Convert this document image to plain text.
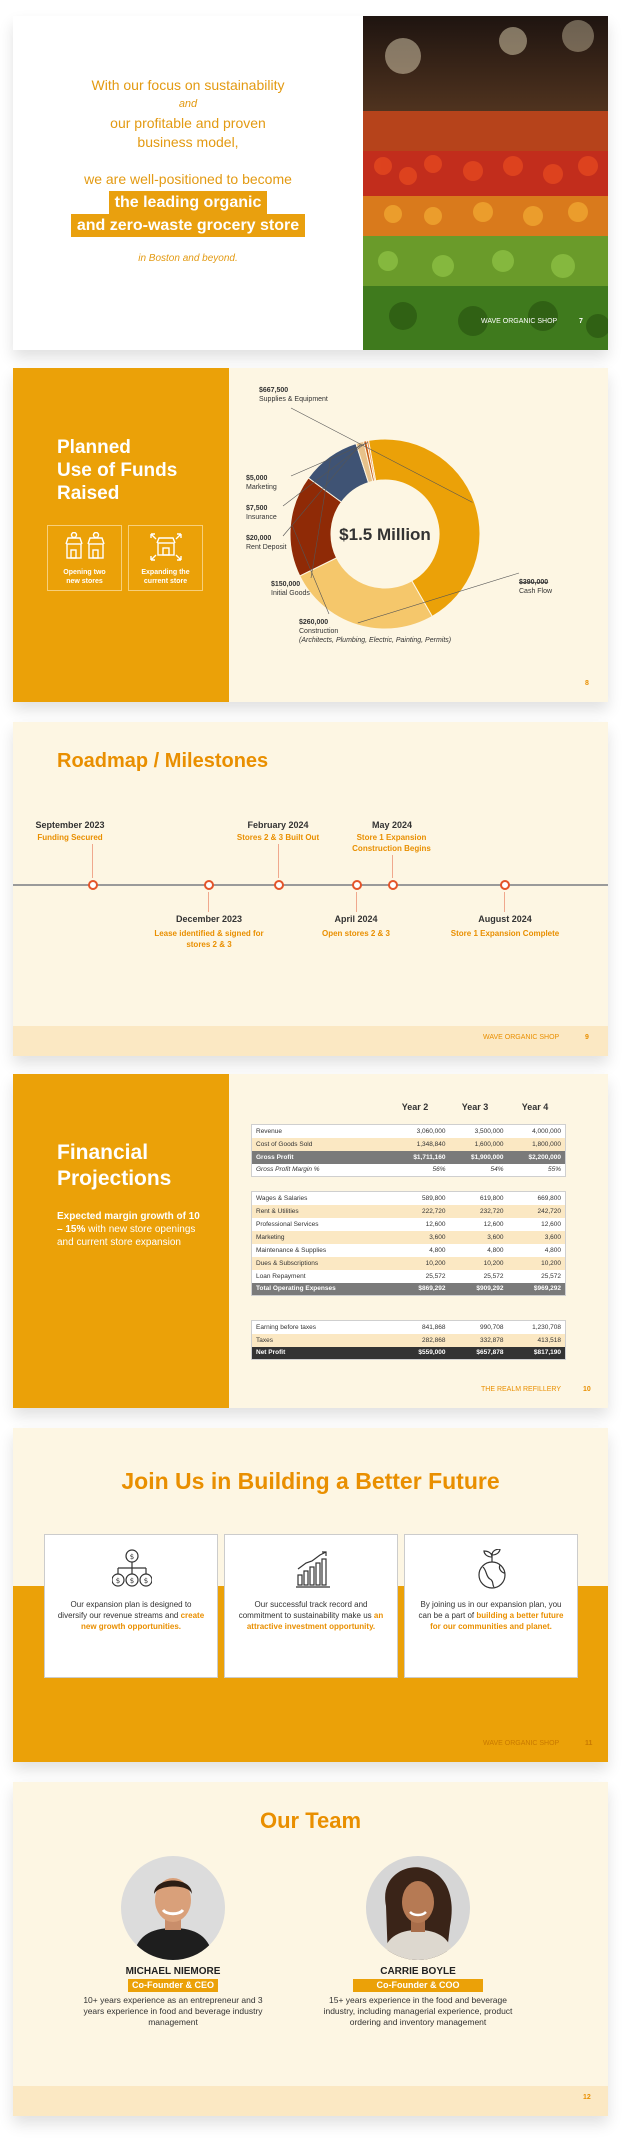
With our focus on sustainability
and
our profitable and proven
business model,
we are well-positioned to become
the leading organic
and zero-waste grocery store
in Boston and beyond.
WAVE ORGANIC SHOP	7
Planned
Use of Funds
Raised
Opening two new stores
Expanding the current store
$1.5 Million
$667,500 Supplies & Equipment
$390,000 Cash Flow
$260,000 Construction (Architects, Plumbing, Electric, Painting, Permits)
$150,000 Initial Goods
$20,000 Rent Deposit
$7,500 Insurance
$5,000 Marketing
8
Roadmap / Milestones
September 2023
Funding Secured
February 2024
Stores 2 & 3 Built Out
May 2024
Store 1 Expansion Construction Begins
December 2023
Lease identified & signed for stores 2 & 3
April 2024
Open stores 2 & 3
August 2024
Store 1 Expansion Complete
WAVE ORGANIC SHOP	9
Financial
Projections
Expected margin growth of 10 – 15% with new store openings and current store expansion
Year 2	Year 3	Year 4
Revenue	3,060,000	3,500,000	4,000,000
Cost of Goods Sold	1,348,840	1,600,000	1,800,000
Gross Profit	$1,711,160	$1,900,000	$2,200,000
Gross Profit Margin %	56%	54%	55%
Wages & Salaries	589,800	619,800	669,800
Rent & Utilities	222,720	232,720	242,720
Professional Services	12,600	12,600	12,600
Marketing	3,600	3,600	3,600
Maintenance & Supplies	4,800	4,800	4,800
Dues & Subscriptions	10,200	10,200	10,200
Loan Repayment	25,572	25,572	25,572
Total Operating Expenses	$869,292	$909,292	$969,292
Earning before taxes	841,868	990,708	1,230,708
Taxes	282,868	332,878	413,518
Net Profit	$559,000	$657,878	$817,190
THE REALM REFILLERY	10
Join Us in Building a Better Future
$
$ $ $
Our expansion plan is designed to diversify our revenue streams and create new growth opportunities.
Our successful track record and commitment to sustainability make us an attractive investment opportunity.
By joining us in our expansion plan, you can be a part of building a better future for our communities and planet.
WAVE ORGANIC SHOP	11
Our Team
MICHAEL NIEMORE
Co-Founder & CEO
10+ years experience as an entrepreneur and 3 years experience in food and beverage industry management
CARRIE BOYLE
Co-Founder & COO
15+ years experience in the food and beverage industry, including managerial experience, product ordering and inventory management
12
